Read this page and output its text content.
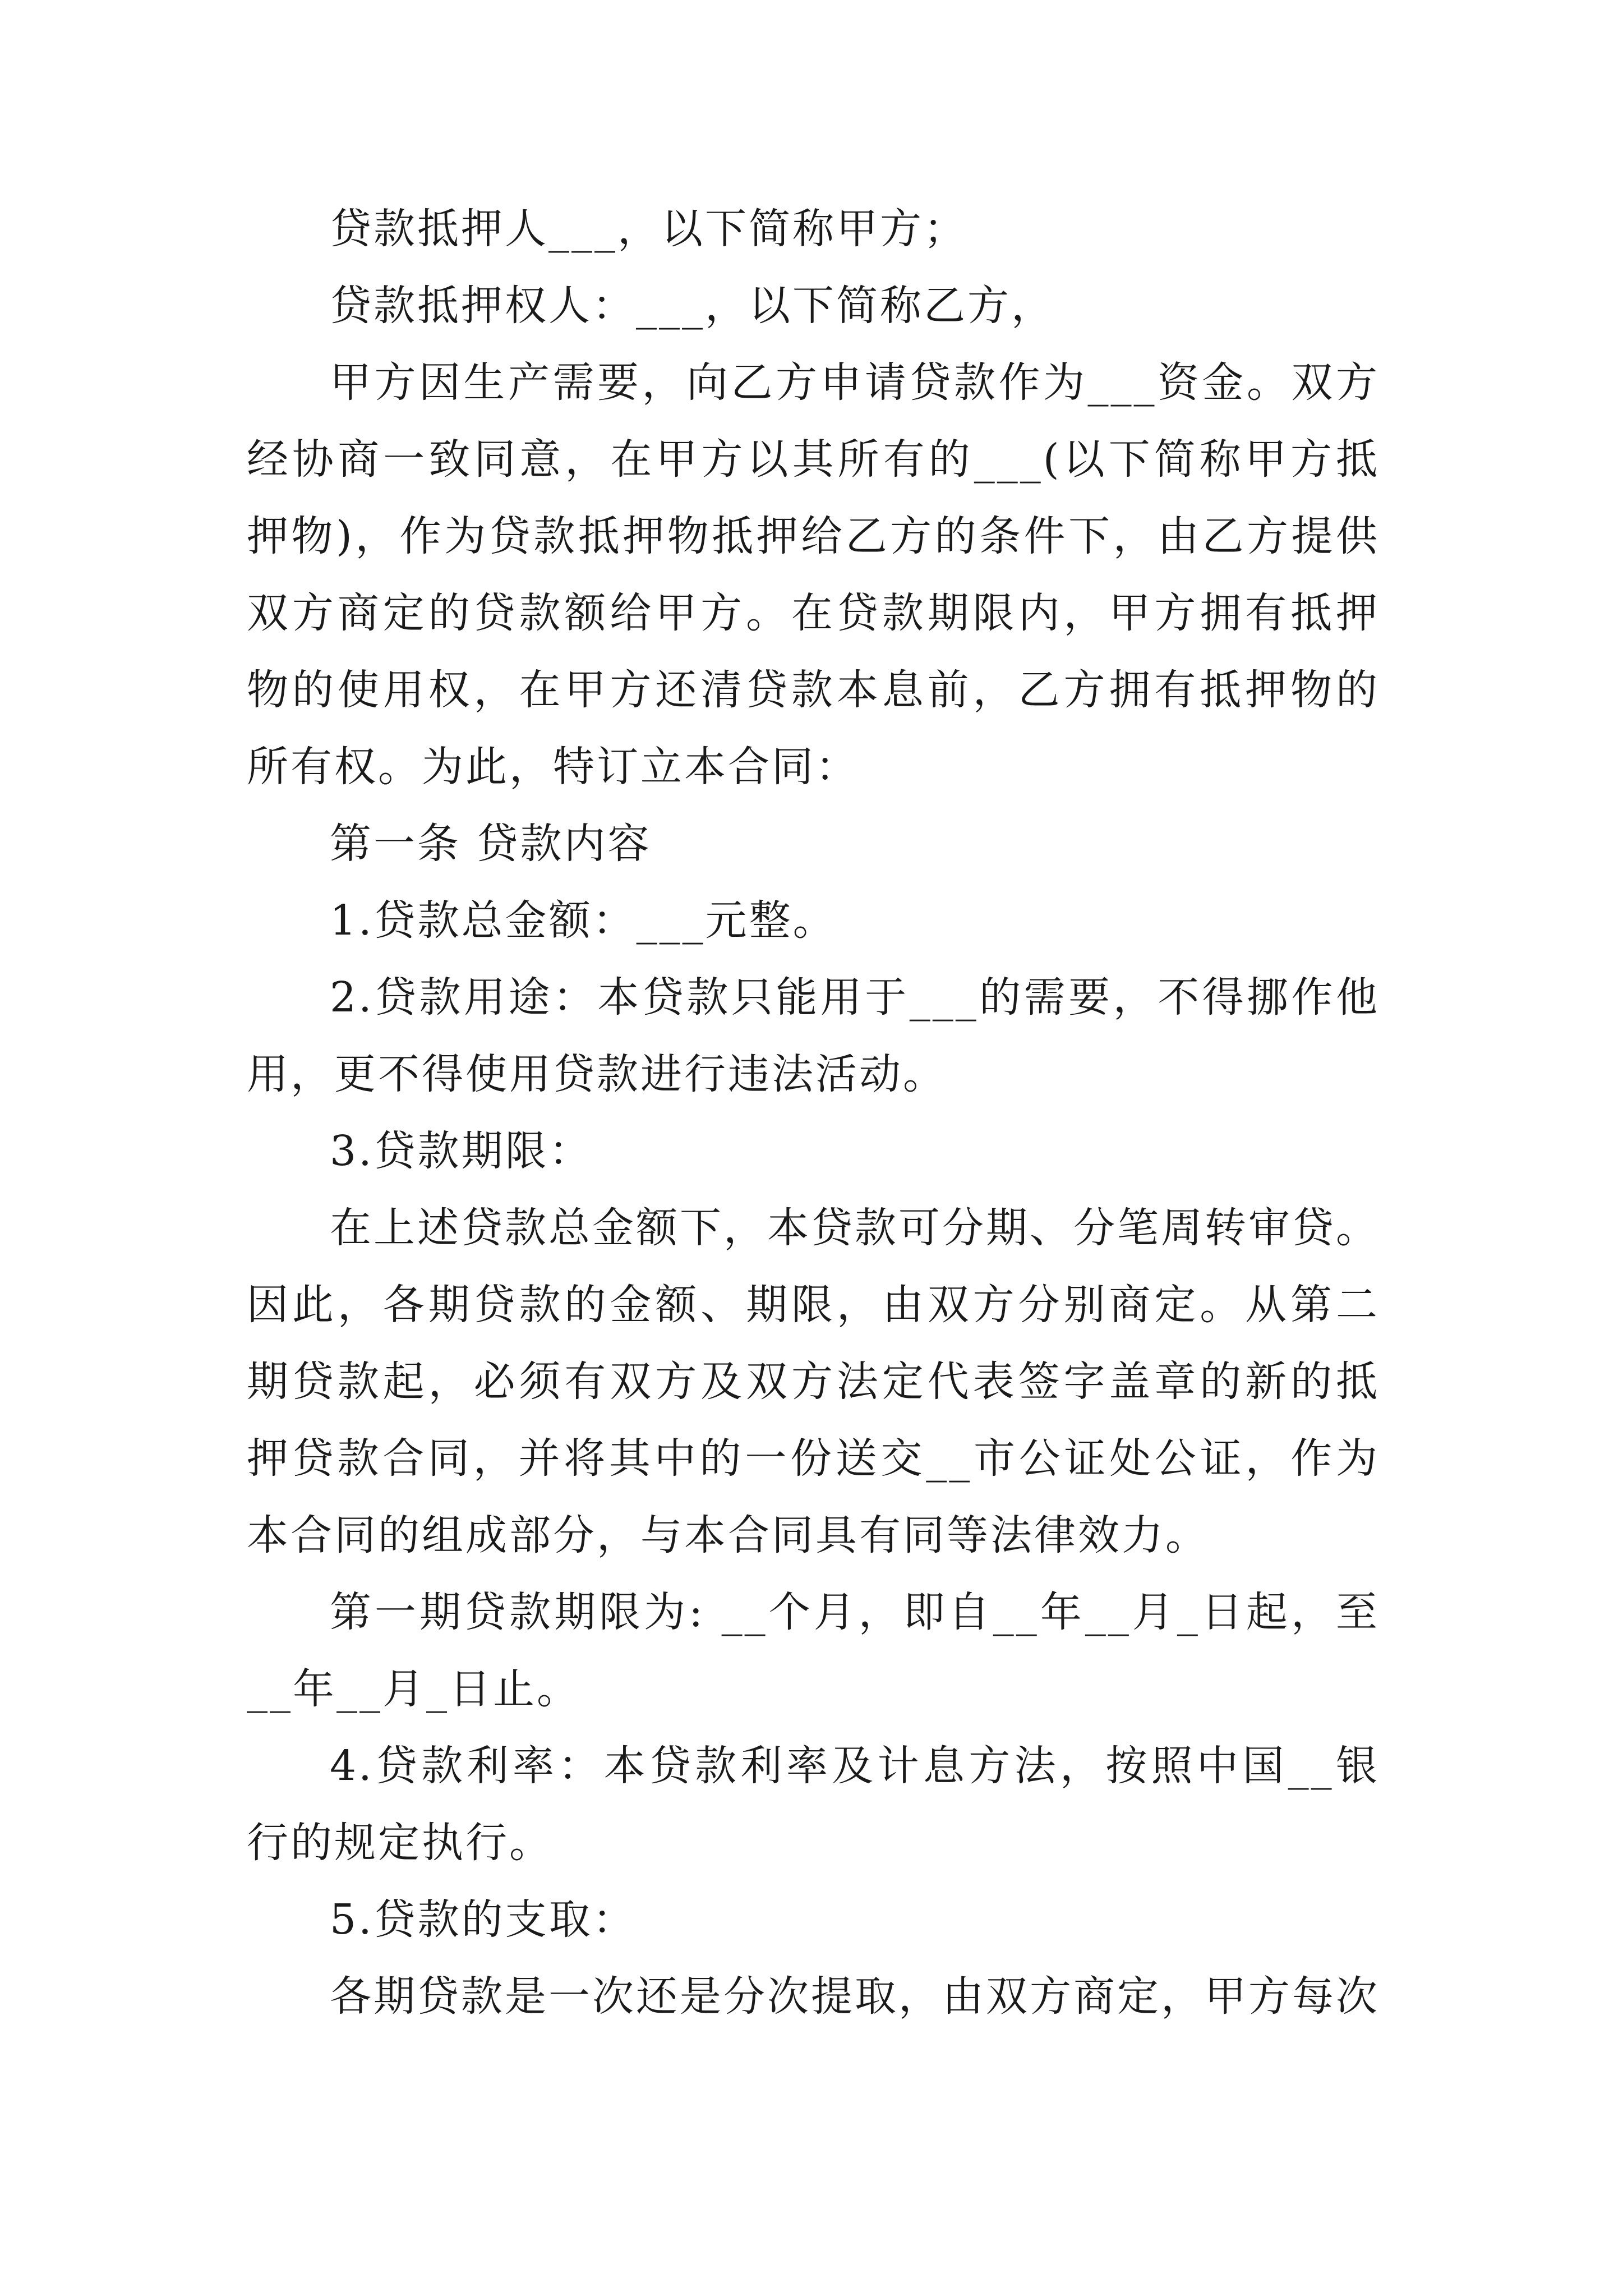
贷款抵押人___，以下简称甲方；

贷款抵押权人：___，以下简称乙方，

甲方因生产需要，向乙方申请贷款作为___资金。双方经协商一致同意，在甲方以其所有的___(以下简称甲方抵押物)，作为贷款抵押物抵押给乙方的条件下，由乙方提供双方商定的贷款额给甲方。在贷款期限内，甲方拥有抵押物的使用权，在甲方还清贷款本息前，乙方拥有抵押物的所有权。为此，特订立本合同：

第一条 贷款内容

1.贷款总金额：___元整。

2.贷款用途：本贷款只能用于___的需要，不得挪作他用，更不得使用贷款进行违法活动。

3.贷款期限：

在上述贷款总金额下，本贷款可分期、分笔周转审贷。因此，各期贷款的金额、期限，由双方分别商定。从第二期贷款起，必须有双方及双方法定代表签字盖章的新的抵押贷款合同，并将其中的一份送交__市公证处公证，作为本合同的组成部分，与本合同具有同等法律效力。

第一期贷款期限为: __个月，即自__年__月_日起，至__年__月_日止。

4.贷款利率：本贷款利率及计息方法，按照中国__银行的规定执行。

5.贷款的支取：

各期贷款是一次还是分次提取，由双方商定，甲方每次
